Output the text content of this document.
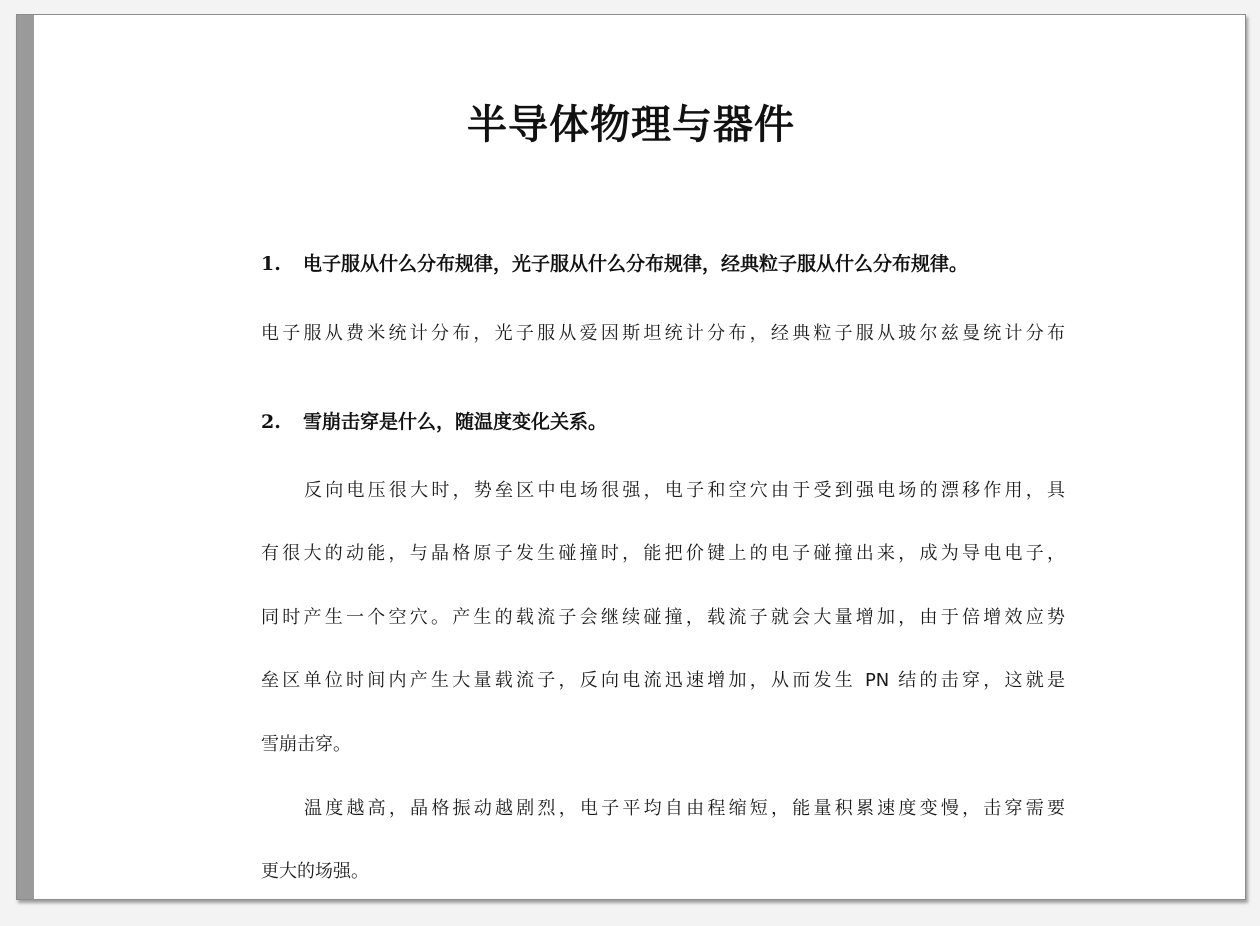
半导体物理与器件
1. 电子服从什么分布规律，光子服从什么分布规律，经典粒子服从什么分布规律。
电子服从费米统计分布，光子服从爱因斯坦统计分布，经典粒子服从玻尔兹曼统计分布
2. 雪崩击穿是什么，随温度变化关系。
反向电压很大时，势垒区中电场很强，电子和空穴由于受到强电场的漂移作用，具
有很大的动能，与晶格原子发生碰撞时，能把价键上的电子碰撞出来，成为导电电子，
同时产生一个空穴。产生的载流子会继续碰撞，载流子就会大量增加，由于倍增效应势
垒区单位时间内产生大量载流子，反向电流迅速增加，从而发生 PN 结的击穿，这就是
雪崩击穿。
温度越高，晶格振动越剧烈，电子平均自由程缩短，能量积累速度变慢，击穿需要
更大的场强。
